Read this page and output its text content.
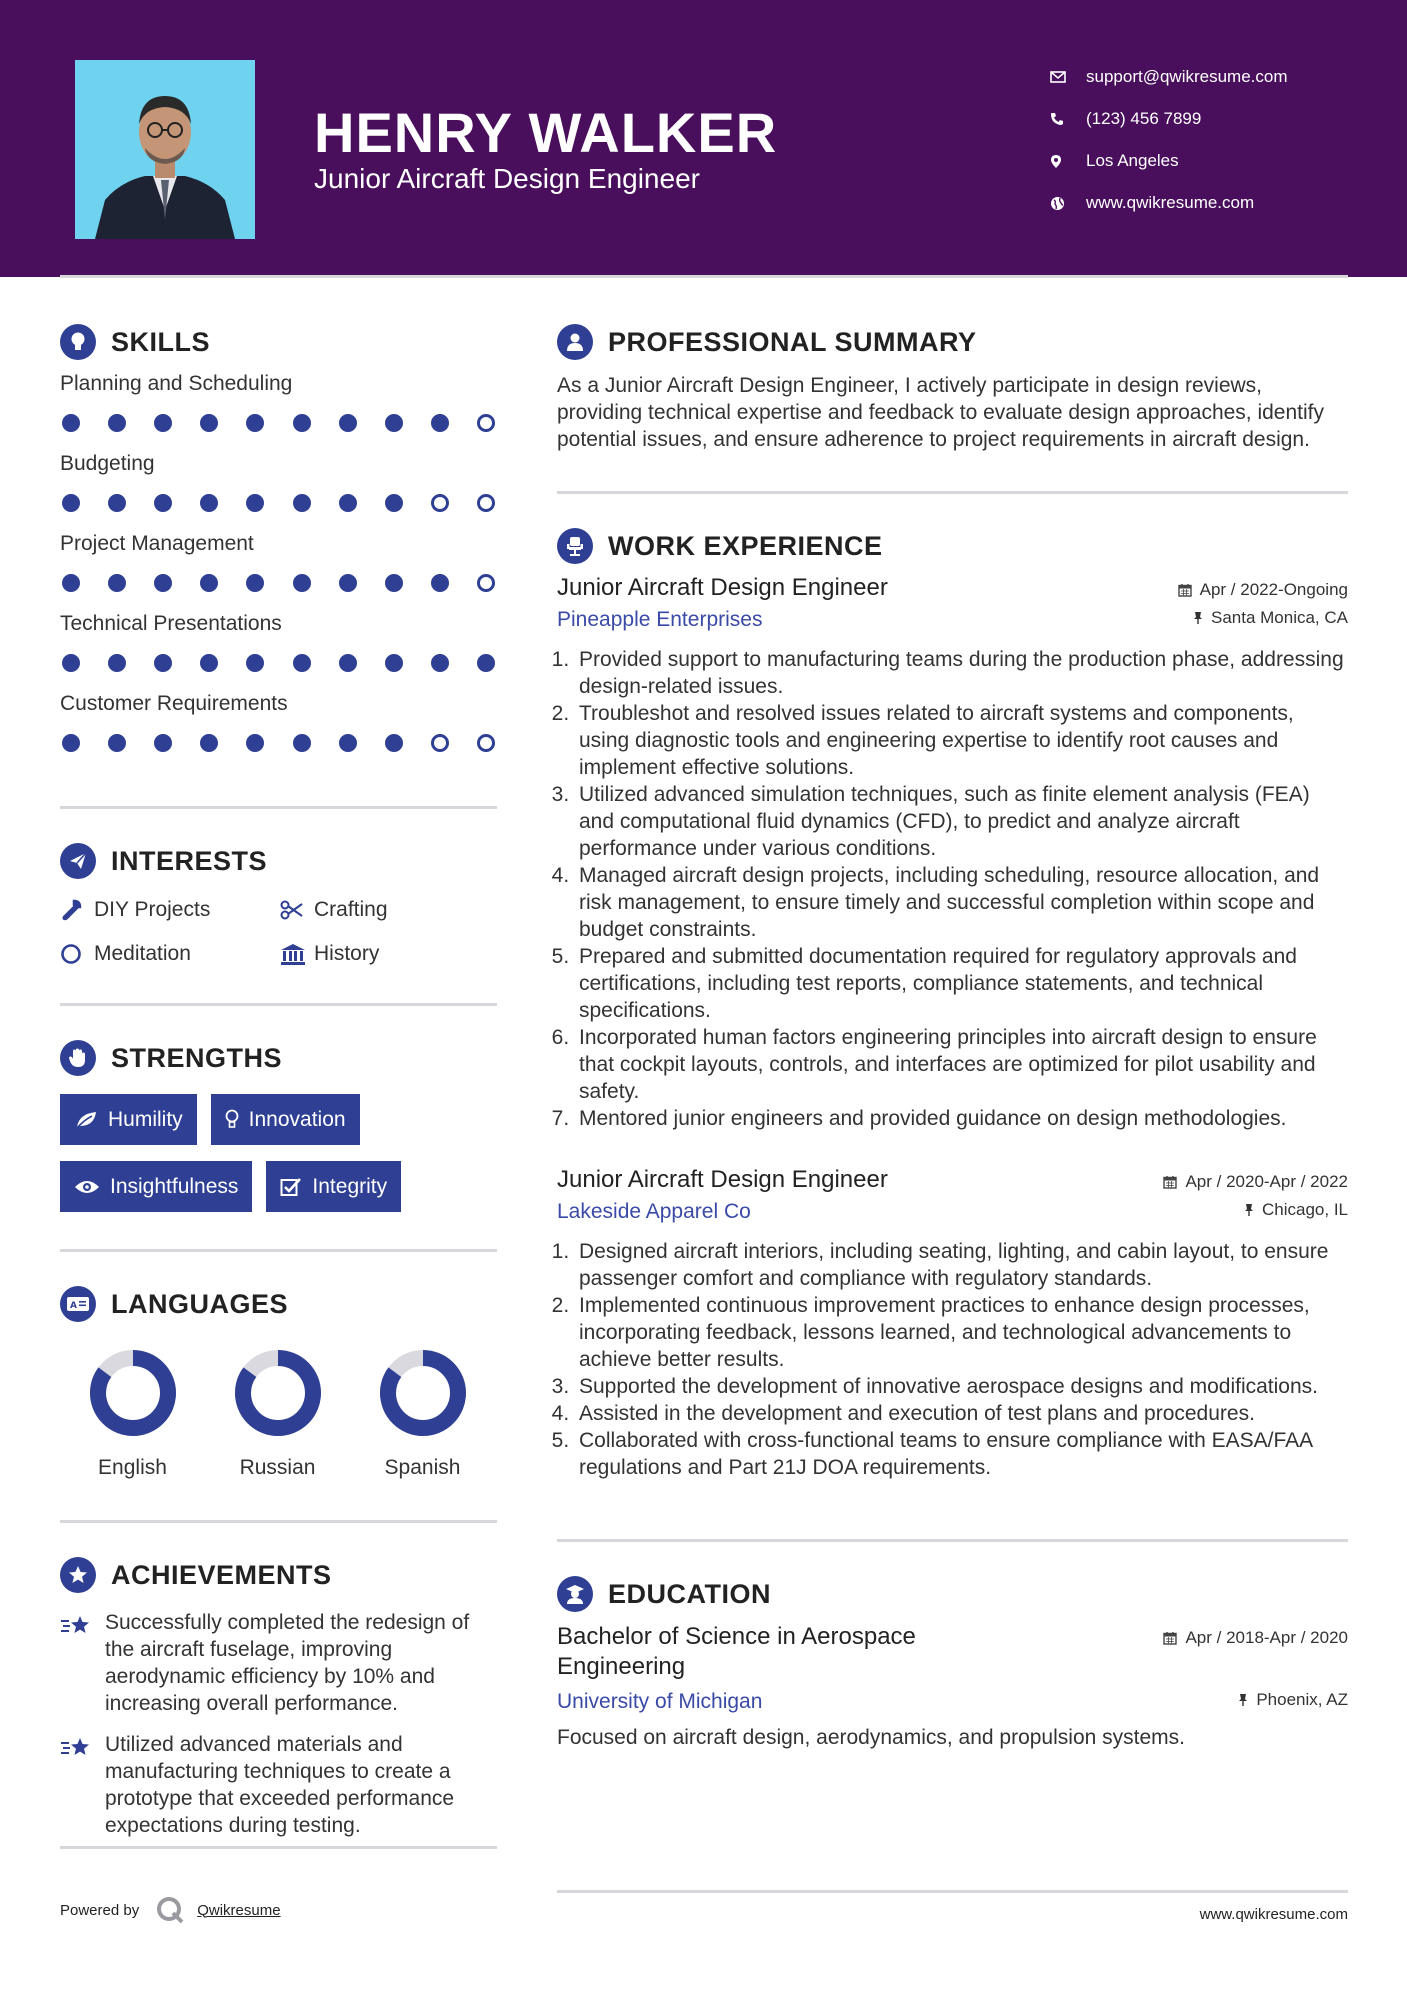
HENRY WALKER
Junior Aircraft Design Engineer
support@qwikresume.com
(123) 456 7899
Los Angeles
www.qwikresume.com
SKILLS
Planning and Scheduling
Budgeting
Project Management
Technical Presentations
Customer Requirements
INTERESTS
DIY Projects	Crafting
Meditation	History
STRENGTHS
Humility	Innovation
Insightfulness	Integrity
A LANGUAGES
English	Russian	Spanish
ACHIEVEMENTS
Successfully completed the redesign of the aircraft fuselage, improving aerodynamic efficiency by 10% and increasing overall performance.
Utilized advanced materials and manufacturing techniques to create a prototype that exceeded performance expectations during testing.
PROFESSIONAL SUMMARY

As a Junior Aircraft Design Engineer, I actively participate in design reviews, providing technical expertise and feedback to evaluate design approaches, identify potential issues, and ensure adherence to project requirements in aircraft design.

WORK EXPERIENCE
Junior Aircraft Design Engineer	Apr / 2022-Ongoing
Pineapple Enterprises	Santa Monica, CA
1. Provided support to manufacturing teams during the production phase, addressing design-related issues.
2. Troubleshot and resolved issues related to aircraft systems and components, using diagnostic tools and engineering expertise to identify root causes and implement effective solutions.
3. Utilized advanced simulation techniques, such as finite element analysis (FEA) and computational fluid dynamics (CFD), to predict and analyze aircraft performance under various conditions.
4. Managed aircraft design projects, including scheduling, resource allocation, and risk management, to ensure timely and successful completion within scope and budget constraints.
5. Prepared and submitted documentation required for regulatory approvals and certifications, including test reports, compliance statements, and technical specifications.
6. Incorporated human factors engineering principles into aircraft design to ensure that cockpit layouts, controls, and interfaces are optimized for pilot usability and safety.
7. Mentored junior engineers and provided guidance on design methodologies.
Junior Aircraft Design Engineer	Apr / 2020-Apr / 2022
Lakeside Apparel Co	Chicago, IL
1. Designed aircraft interiors, including seating, lighting, and cabin layout, to ensure passenger comfort and compliance with regulatory standards.
2. Implemented continuous improvement practices to enhance design processes, incorporating feedback, lessons learned, and technological advancements to achieve better results.
3. Supported the development of innovative aerospace designs and modifications.
4. Assisted in the development and execution of test plans and procedures.
5. Collaborated with cross-functional teams to ensure compliance with EASA/FAA regulations and Part 21J DOA requirements.
EDUCATION
Bachelor of Science in Aerospace Engineering
Apr / 2018-Apr / 2020
University of Michigan	Phoenix, AZ

Focused on aircraft design, aerodynamics, and propulsion systems.

Powered by	Qwikresume	www.qwikresume.com
